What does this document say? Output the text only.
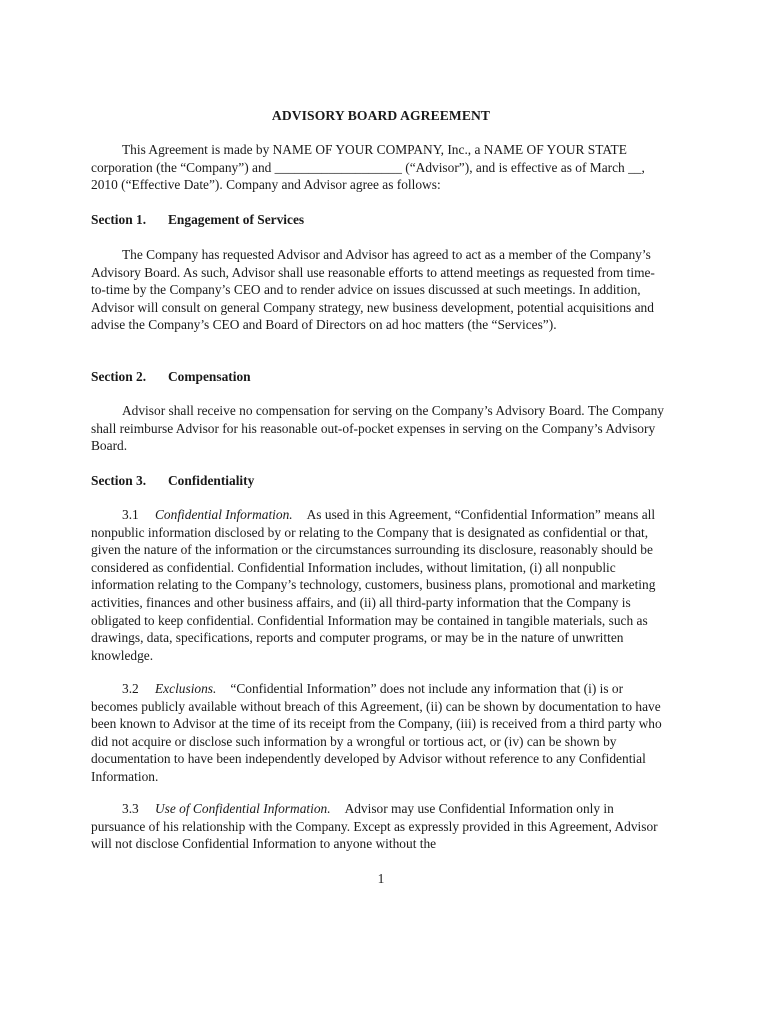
ADVISORY BOARD AGREEMENT

This Agreement is made by NAME OF YOUR COMPANY, Inc., a NAME OF YOUR STATE corporation (the “Company”) and ___________________ (“Advisor”), and is effective as of March __, 2010 (“Effective Date”). Company and Advisor agree as follows:

Section 1. Engagement of Services

The Company has requested Advisor and Advisor has agreed to act as a member of the Company’s Advisory Board. As such, Advisor shall use reasonable efforts to attend meetings as requested from time-to-time by the Company’s CEO and to render advice on issues discussed at such meetings. In addition, Advisor will consult on general Company strategy, new business development, potential acquisitions and advise the Company’s CEO and Board of Directors on ad hoc matters (the “Services”).

Section 2. Compensation

Advisor shall receive no compensation for serving on the Company’s Advisory Board. The Company shall reimburse Advisor for his reasonable out-of-pocket expenses in serving on the Company’s Advisory Board.

Section 3. Confidentiality

3.1 Confidential Information. As used in this Agreement, “Confidential Information” means all nonpublic information disclosed by or relating to the Company that is designated as confidential or that, given the nature of the information or the circumstances surrounding its disclosure, reasonably should be considered as confidential. Confidential Information includes, without limitation, (i) all nonpublic information relating to the Company’s technology, customers, business plans, promotional and marketing activities, finances and other business affairs, and (ii) all third-party information that the Company is obligated to keep confidential. Confidential Information may be contained in tangible materials, such as drawings, data, specifications, reports and computer programs, or may be in the nature of unwritten knowledge.

3.2 Exclusions. “Confidential Information” does not include any information that (i) is or becomes publicly available without breach of this Agreement, (ii) can be shown by documentation to have been known to Advisor at the time of its receipt from the Company, (iii) is received from a third party who did not acquire or disclose such information by a wrongful or tortious act, or (iv) can be shown by documentation to have been independently developed by Advisor without reference to any Confidential Information.

3.3 Use of Confidential Information. Advisor may use Confidential Information only in pursuance of his relationship with the Company. Except as expressly provided in this Agreement, Advisor will not disclose Confidential Information to anyone without the

1
